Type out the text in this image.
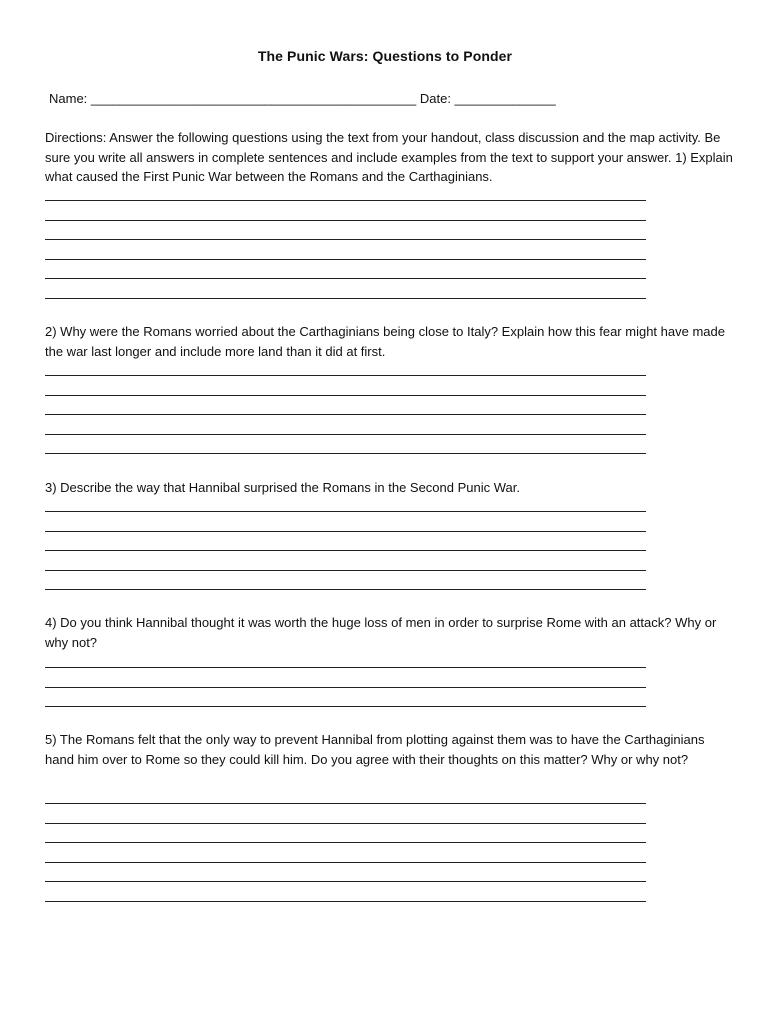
The Punic Wars: Questions to Ponder
Name: _____________________________________________ Date: ______________
Directions: Answer the following questions using the text from your handout, class discussion and the map activity. Be sure you write all answers in complete sentences and include examples from the text to support your answer. 1) Explain what caused the First Punic War between the Romans and the Carthaginians.
2) Why were the Romans worried about the Carthaginians being close to Italy? Explain how this fear might have made the war last longer and include more land than it did at first.
3) Describe the way that Hannibal surprised the Romans in the Second Punic War.
4) Do you think Hannibal thought it was worth the huge loss of men in order to surprise Rome with an attack? Why or why not?
5) The Romans felt that the only way to prevent Hannibal from plotting against them was to have the Carthaginians hand him over to Rome so they could kill him. Do you agree with their thoughts on this matter? Why or why not?
